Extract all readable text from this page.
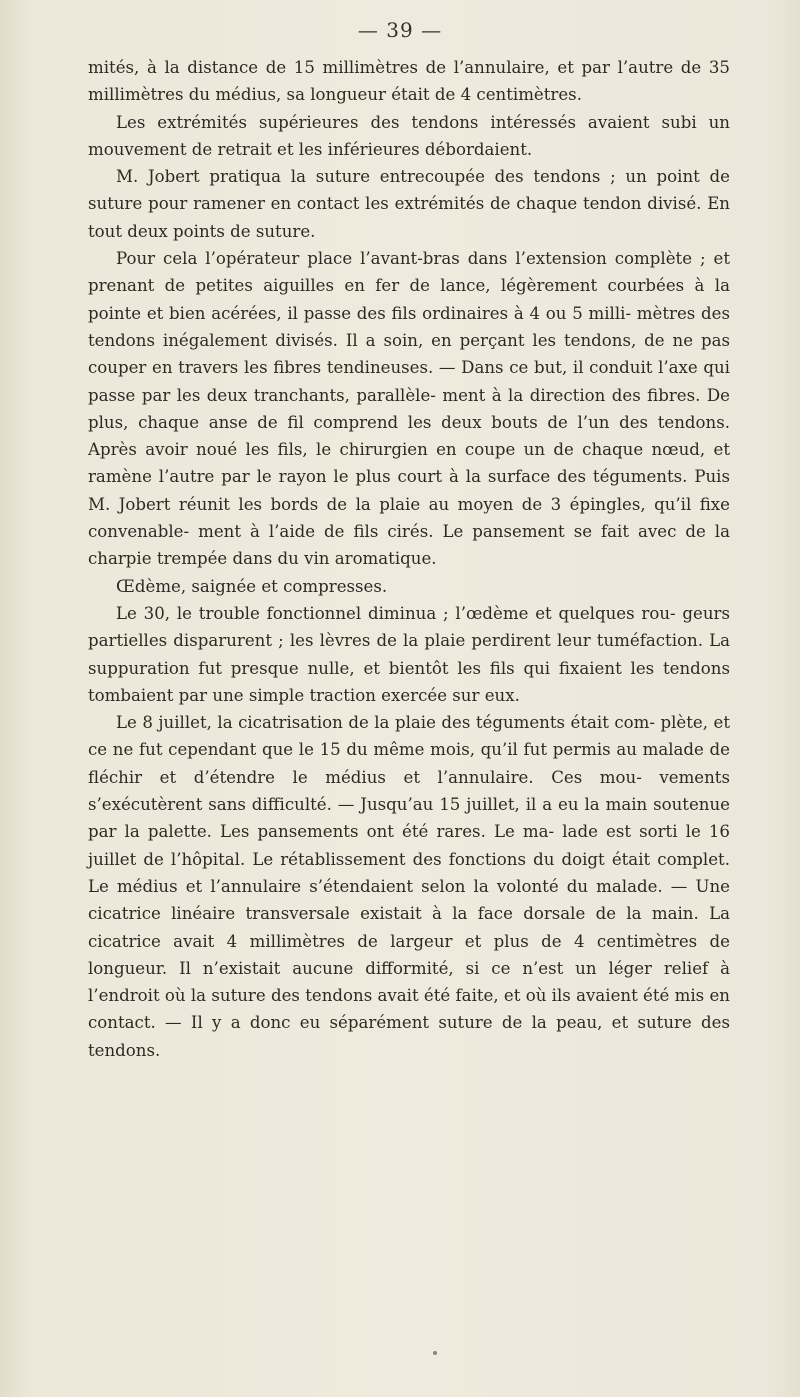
— 39 —

mités, à la distance de 15 millimètres de l’annulaire, et par l’autre de 35 millimètres du médius, sa longueur était de 4 centimètres.

Les extrémités supérieures des tendons intéressés avaient subi un mouvement de retrait et les inférieures débordaient.

M. Jobert pratiqua la suture entrecoupée des tendons ; un point de suture pour ramener en contact les extrémités de chaque tendon divisé. En tout deux points de suture.

Pour cela l’opérateur place l’avant-bras dans l’extension complète ; et prenant de petites aiguilles en fer de lance, légèrement courbées à la pointe et bien acérées, il passe des fils ordinaires à 4 ou 5 milli- mètres des tendons inégalement divisés. Il a soin, en perçant les tendons, de ne pas couper en travers les fibres tendineuses. — Dans ce but, il conduit l’axe qui passe par les deux tranchants, parallèle- ment à la direction des fibres. De plus, chaque anse de fil comprend les deux bouts de l’un des tendons. Après avoir noué les fils, le chirurgien en coupe un de chaque nœud, et ramène l’autre par le rayon le plus court à la surface des téguments. Puis M. Jobert réunit les bords de la plaie au moyen de 3 épingles, qu’il fixe convenable- ment à l’aide de fils cirés. Le pansement se fait avec de la charpie trempée dans du vin aromatique.

Œdème, saignée et compresses.

Le 30, le trouble fonctionnel diminua ; l’œdème et quelques rou- geurs partielles disparurent ; les lèvres de la plaie perdirent leur tuméfaction. La suppuration fut presque nulle, et bientôt les fils qui fixaient les tendons tombaient par une simple traction exercée sur eux.

Le 8 juillet, la cicatrisation de la plaie des téguments était com- plète, et ce ne fut cependant que le 15 du même mois, qu’il fut permis au malade de fléchir et d’étendre le médius et l’annulaire. Ces mou- vements s’exécutèrent sans difficulté. — Jusqu’au 15 juillet, il a eu la main soutenue par la palette. Les pansements ont été rares. Le ma- lade est sorti le 16 juillet de l’hôpital. Le rétablissement des fonctions du doigt était complet. Le médius et l’annulaire s’étendaient selon la volonté du malade. — Une cicatrice linéaire transversale existait à la face dorsale de la main. La cicatrice avait 4 millimètres de largeur et plus de 4 centimètres de longueur. Il n’existait aucune difformité, si ce n’est un léger relief à l’endroit où la suture des tendons avait été faite, et où ils avaient été mis en contact. — Il y a donc eu séparément suture de la peau, et suture des tendons.
